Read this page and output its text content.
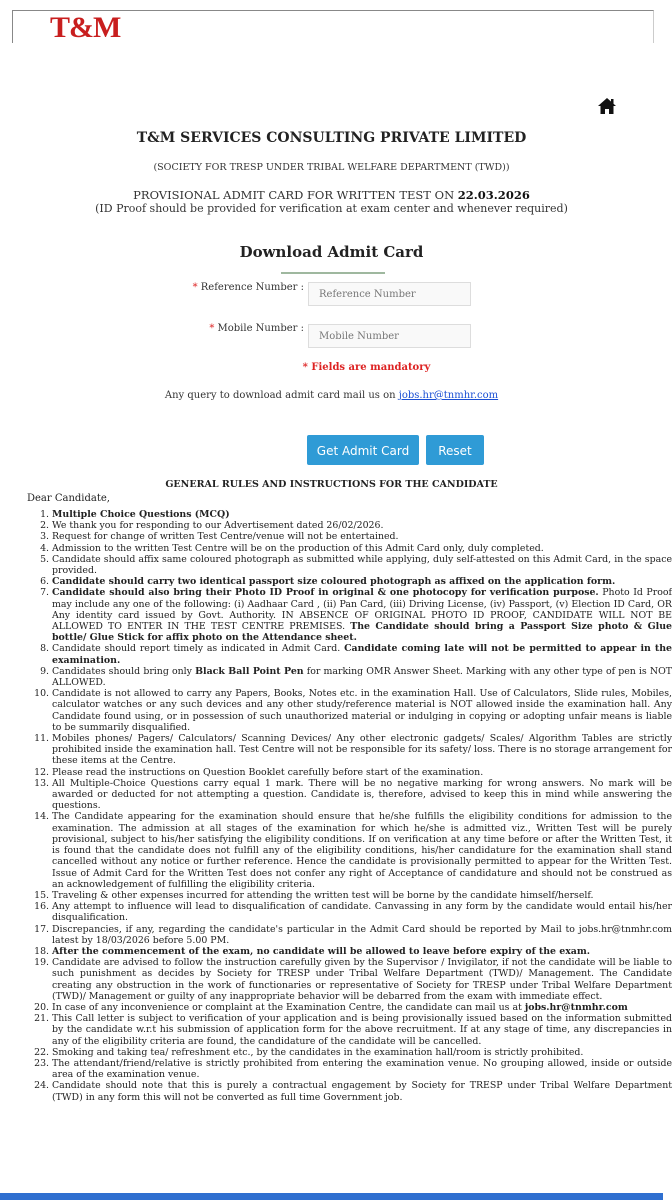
T&M
T&M SERVICES CONSULTING PRIVATE LIMITED
(SOCIETY FOR TRESP UNDER TRIBAL WELFARE DEPARTMENT (TWD))
PROVISIONAL ADMIT CARD FOR WRITTEN TEST ON 22.03.2026
(ID Proof should be provided for verification at exam center and whenever required)
Download Admit Card
* Reference Number :
Reference Number
* Mobile Number :
Mobile Number
* Fields are mandatory
Any query to download admit card mail us on jobs.hr@tnmhr.com
Get Admit Card	Reset
GENERAL RULES AND INSTRUCTIONS FOR THE CANDIDATE
Dear Candidate,
1. Multiple Choice Questions (MCQ)
2. We thank you for responding to our Advertisement dated 26/02/2026.
3. Request for change of written Test Centre/venue will not be entertained.
4. Admission to the written Test Centre will be on the production of this Admit Card only, duly completed.
5. Candidate should affix same coloured photograph as submitted while applying, duly self-attested on this Admit Card, in the space provided.
6. Candidate should carry two identical passport size coloured photograph as affixed on the application form.
7. Candidate should also bring their Photo ID Proof in original & one photocopy for verification purpose. Photo Id Proof may include any one of the following: (i) Aadhaar Card , (ii) Pan Card, (iii) Driving License, (iv) Passport, (v) Election ID Card, OR Any identity card issued by Govt. Authority. IN ABSENCE OF ORIGINAL PHOTO ID PROOF, CANDIDATE WILL NOT BE ALLOWED TO ENTER IN THE TEST CENTRE PREMISES. The Candidate should bring a Passport Size photo & Glue bottle/ Glue Stick for affix photo on the Attendance sheet.
8. Candidate should report timely as indicated in Admit Card. Candidate coming late will not be permitted to appear in the examination.
9. Candidates should bring only Black Ball Point Pen for marking OMR Answer Sheet. Marking with any other type of pen is NOT ALLOWED.
10. Candidate is not allowed to carry any Papers, Books, Notes etc. in the examination Hall. Use of Calculators, Slide rules, Mobiles, calculator watches or any such devices and any other study/reference material is NOT allowed inside the examination hall. Any Candidate found using, or in possession of such unauthorized material or indulging in copying or adopting unfair means is liable to be summarily disqualified.
11. Mobiles phones/ Pagers/ Calculators/ Scanning Devices/ Any other electronic gadgets/ Scales/ Algorithm Tables are strictly prohibited inside the examination hall. Test Centre will not be responsible for its safety/ loss. There is no storage arrangement for these items at the Centre.
12. Please read the instructions on Question Booklet carefully before start of the examination.
13. All Multiple-Choice Questions carry equal 1 mark. There will be no negative marking for wrong answers. No mark will be awarded or deducted for not attempting a question. Candidate is, therefore, advised to keep this in mind while answering the questions.
14. The Candidate appearing for the examination should ensure that he/she fulfills the eligibility conditions for admission to the examination. The admission at all stages of the examination for which he/she is admitted viz., Written Test will be purely provisional, subject to his/her satisfying the eligibility conditions. If on verification at any time before or after the Written Test, it is found that the candidate does not fulfill any of the eligibility conditions, his/her candidature for the examination shall stand cancelled without any notice or further reference. Hence the candidate is provisionally permitted to appear for the Written Test. Issue of Admit Card for the Written Test does not confer any right of Acceptance of candidature and should not be construed as an acknowledgement of fulfilling the eligibility criteria.
15. Traveling & other expenses incurred for attending the written test will be borne by the candidate himself/herself.
16. Any attempt to influence will lead to disqualification of candidate. Canvassing in any form by the candidate would entail his/her disqualification.
17. Discrepancies, if any, regarding the candidate's particular in the Admit Card should be reported by Mail to jobs.hr@tnmhr.com latest by 18/03/2026 before 5.00 PM.
18. After the commencement of the exam, no candidate will be allowed to leave before expiry of the exam.
19. Candidate are advised to follow the instruction carefully given by the Supervisor / Invigilator, if not the candidate will be liable to such punishment as decides by Society for TRESP under Tribal Welfare Department (TWD)/ Management. The Candidate creating any obstruction in the work of functionaries or representative of Society for TRESP under Tribal Welfare Department (TWD)/ Management or guilty of any inappropriate behavior will be debarred from the exam with immediate effect.
20. In case of any inconvenience or complaint at the Examination Centre, the candidate can mail us at jobs.hr@tnmhr.com
21. This Call letter is subject to verification of your application and is being provisionally issued based on the information submitted by the candidate w.r.t his submission of application form for the above recruitment. If at any stage of time, any discrepancies in any of the eligibility criteria are found, the candidature of the candidate will be cancelled.
22. Smoking and taking tea/ refreshment etc., by the candidates in the examination hall/room is strictly prohibited.
23. The attendant/friend/relative is strictly prohibited from entering the examination venue. No grouping allowed, inside or outside area of the examination venue.
24. Candidate should note that this is purely a contractual engagement by Society for TRESP under Tribal Welfare Department (TWD) in any form this will not be converted as full time Government job.
